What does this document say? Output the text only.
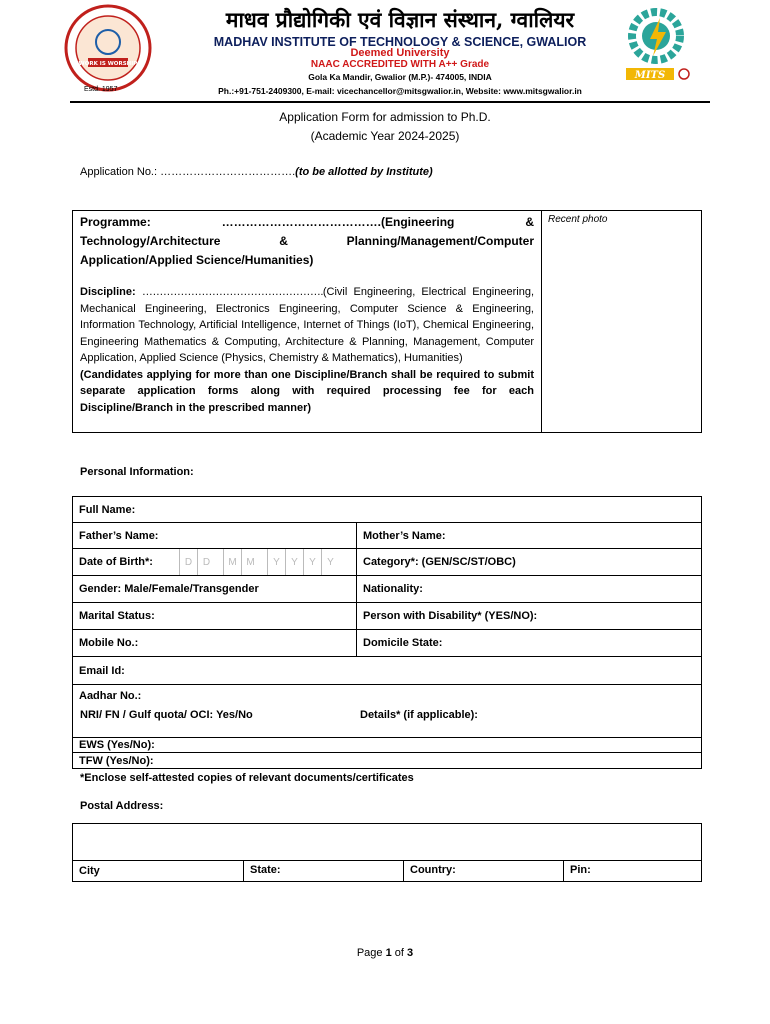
WORK IS WORSHIP
Estd. 1957
माधव प्रौद्योगिकी एवं विज्ञान संस्थान, ग्वालियर
MADHAV INSTITUTE OF TECHNOLOGY & SCIENCE, GWALIOR
Deemed University
NAAC ACCREDITED WITH A++ Grade
Gola Ka Mandir, Gwalior (M.P.)- 474005, INDIA
Ph.:+91-751-2409300, E-mail: vicechancellor@mitsgwalior.in, Website: www.mitsgwalior.in
MITS
Application Form for admission to Ph.D.
(Academic Year 2024-2025)
Application No.: ……………………………….(to be allotted by Institute)
Recent photo
Programme: ………………………………….(Engineering & Technology/Architecture & Planning/Management/Computer Application/Applied Science/Humanities)
Discipline: …………………………………………….(Civil Engineering, Electrical Engineering, Mechanical Engineering, Electronics Engineering, Computer Science & Engineering, Information Technology, Artificial Intelligence, Internet of Things (IoT), Chemical Engineering, Engineering Mathematics & Computing, Architecture & Planning, Management, Computer Application, Applied Science (Physics, Chemistry & Mathematics), Humanities)
(Candidates applying for more than one Discipline/Branch shall be required to submit separate application forms along with required processing fee for each Discipline/Branch in the prescribed manner)
Personal Information:
Full Name:
Father’s Name:	Mother’s Name:
Date of Birth*:	D	D	M M	Y	Y	Y	Y	Category*: (GEN/SC/ST/OBC)
Gender: Male/Female/Transgender	Nationality:
Marital Status:	Person with Disability* (YES/NO):
Mobile No.:	Domicile State:
Email Id:
Aadhar No.:
NRI/ FN / Gulf quota/ OCI: Yes/No	Details* (if applicable):
EWS (Yes/No):
TFW (Yes/No):
*Enclose self-attested copies of relevant documents/certificates
Postal Address:
City	State:	Country:	Pin:
Page 1 of 3
